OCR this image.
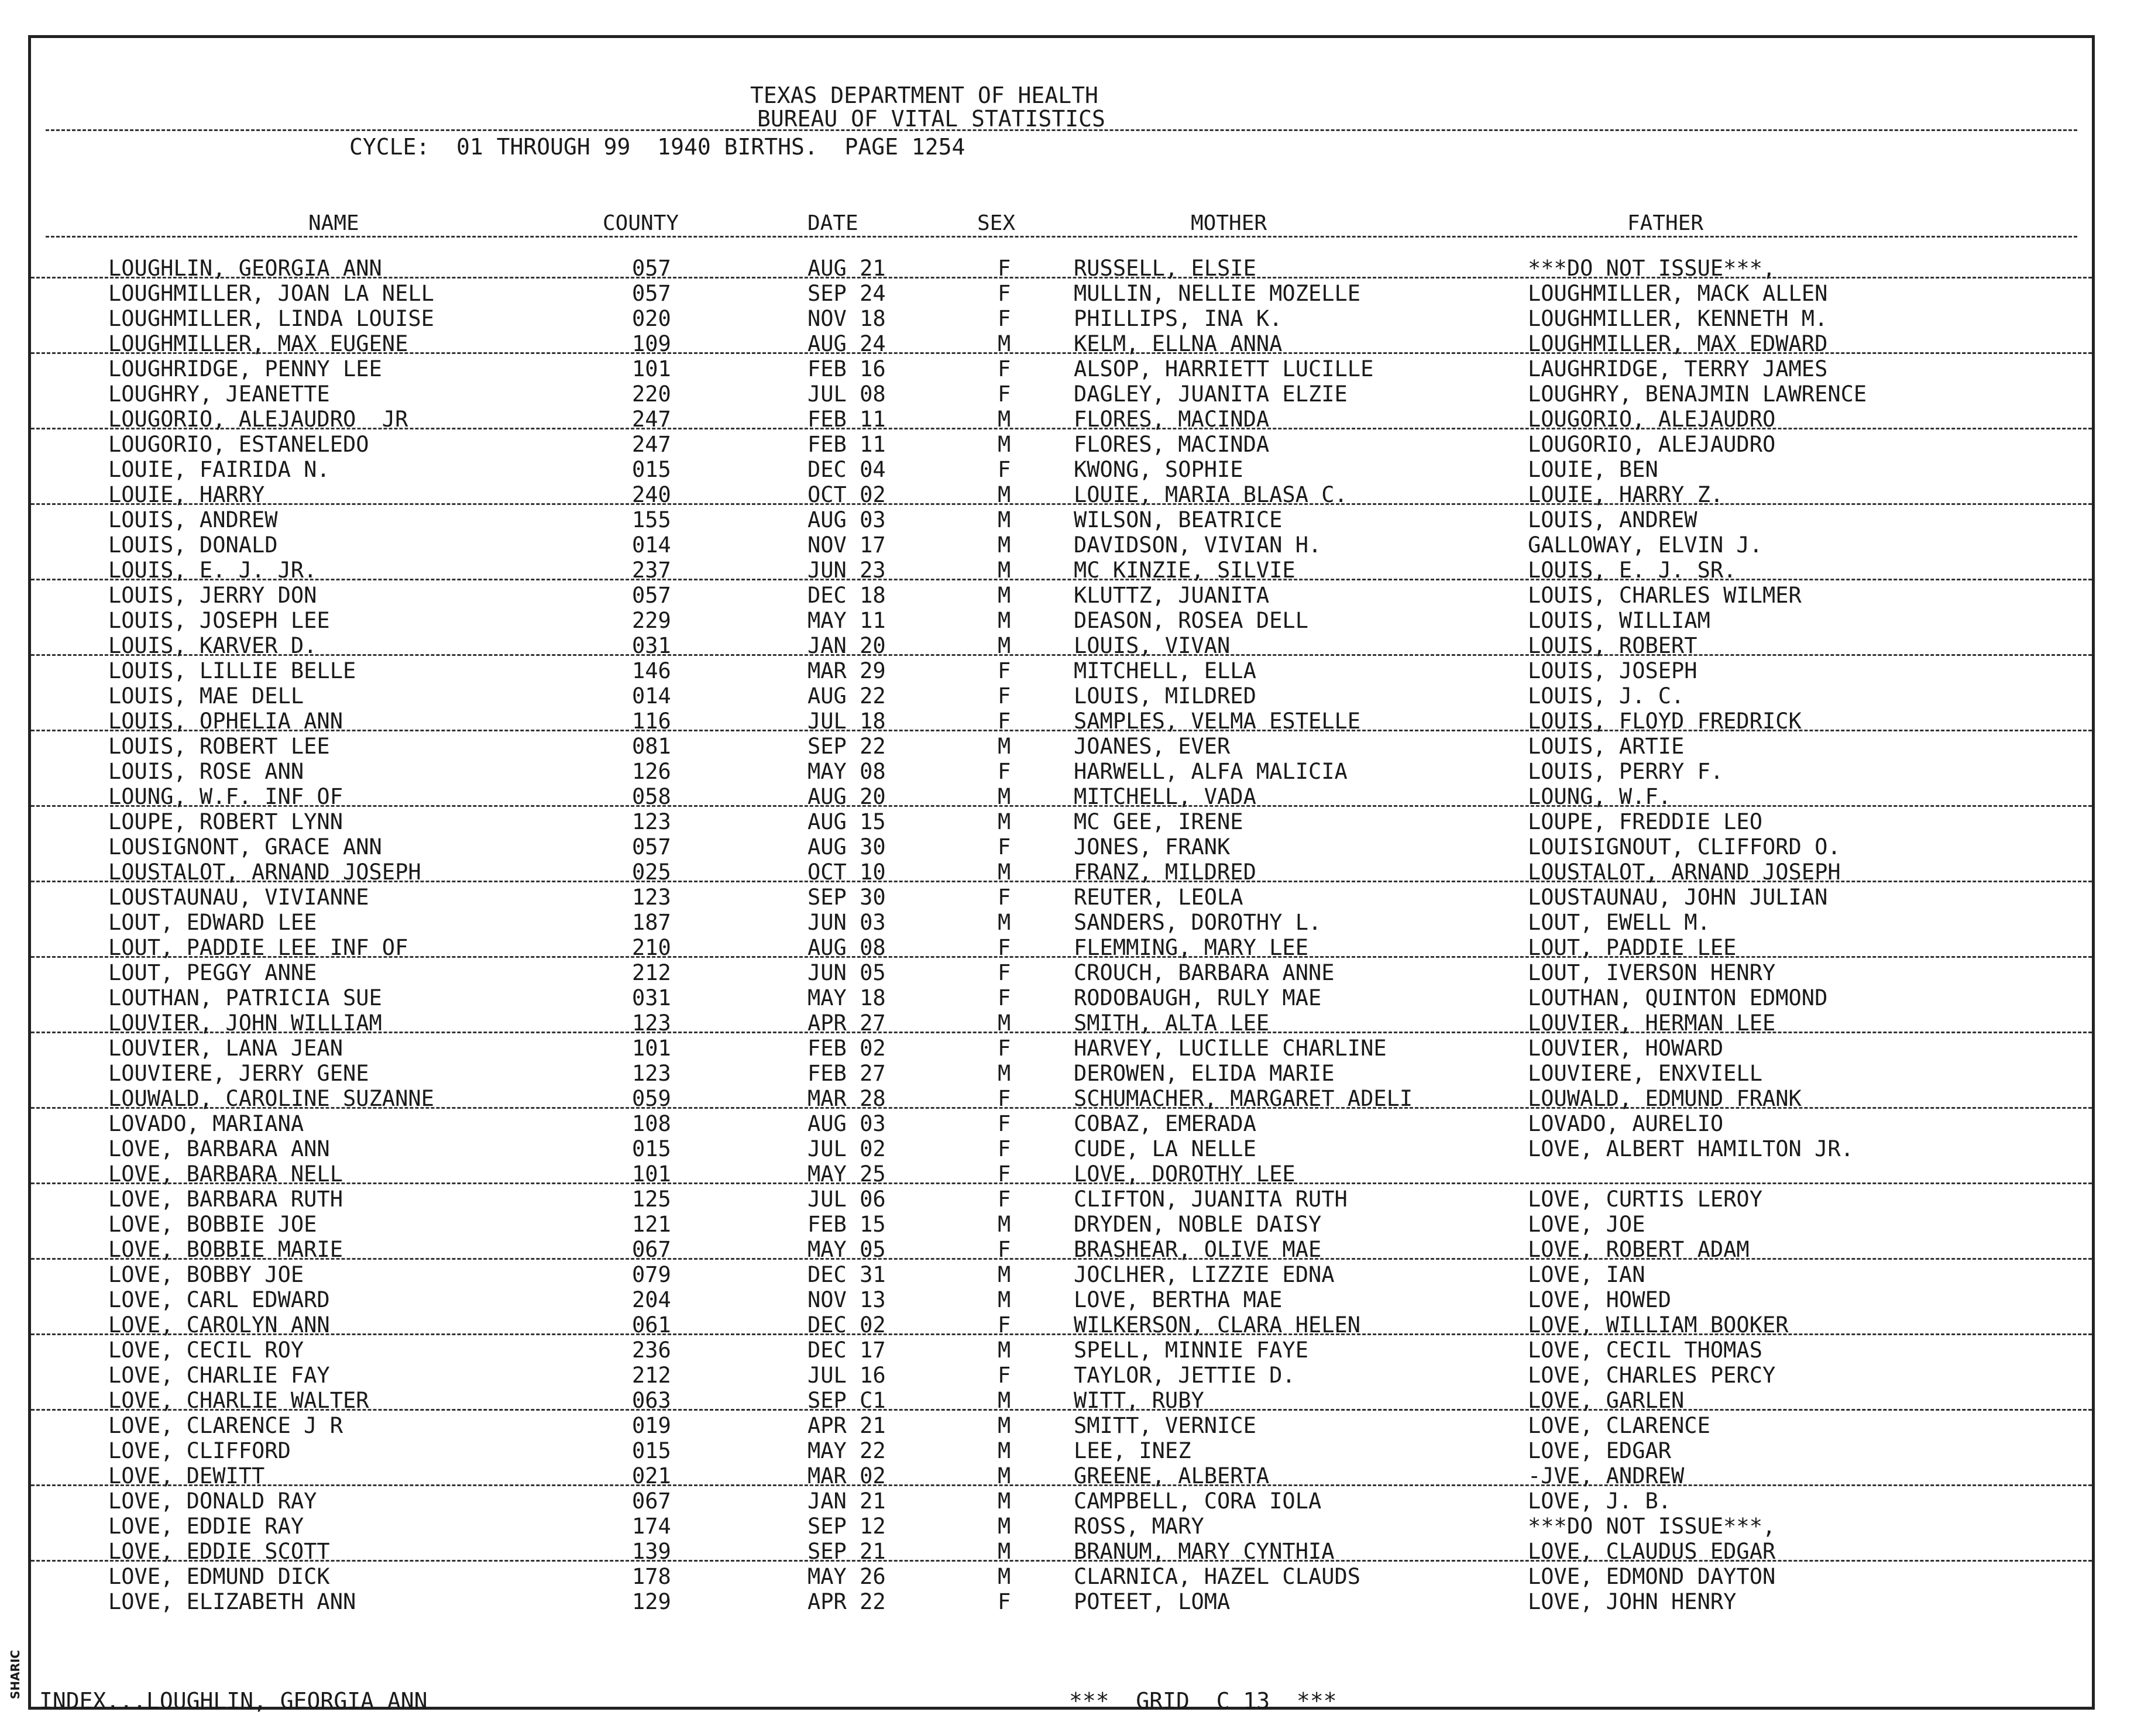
SHARIC
TEXAS DEPARTMENT OF HEALTH
BUREAU OF VITAL STATISTICS
CYCLE:  01 THROUGH 99  1940 BIRTHS.  PAGE 1254
NAME	COUNTY	DATE	SEX	MOTHER	FATHER
LOUGHLIN, GEORGIA ANN	057	AUG 21	F	RUSSELL, ELSIE	***DO NOT ISSUE***,
LOUGHMILLER, JOAN LA NELL	057	SEP 24	F	MULLIN, NELLIE MOZELLE	LOUGHMILLER, MACK ALLEN
LOUGHMILLER, LINDA LOUISE	020	NOV 18	F	PHILLIPS, INA K.	LOUGHMILLER, KENNETH M.
LOUGHMILLER, MAX EUGENE	109	AUG 24	M	KELM, ELLNA ANNA	LOUGHMILLER, MAX EDWARD
LOUGHRIDGE, PENNY LEE	101	FEB 16	F	ALSOP, HARRIETT LUCILLE	LAUGHRIDGE, TERRY JAMES
LOUGHRY, JEANETTE	220	JUL 08	F	DAGLEY, JUANITA ELZIE	LOUGHRY, BENAJMIN LAWRENCE
LOUGORIO, ALEJAUDRO  JR	247	FEB 11	M	FLORES, MACINDA	LOUGORIO, ALEJAUDRO
LOUGORIO, ESTANELEDO	247	FEB 11	M	FLORES, MACINDA	LOUGORIO, ALEJAUDRO
LOUIE, FAIRIDA N.	015	DEC 04	F	KWONG, SOPHIE	LOUIE, BEN
LOUIE, HARRY	240	OCT 02	M	LOUIE, MARIA BLASA C.	LOUIE, HARRY Z.
LOUIS, ANDREW	155	AUG 03	M	WILSON, BEATRICE	LOUIS, ANDREW
LOUIS, DONALD	014	NOV 17	M	DAVIDSON, VIVIAN H.	GALLOWAY, ELVIN J.
LOUIS, E. J. JR.	237	JUN 23	M	MC KINZIE, SILVIE	LOUIS, E. J. SR.
LOUIS, JERRY DON	057	DEC 18	M	KLUTTZ, JUANITA	LOUIS, CHARLES WILMER
LOUIS, JOSEPH LEE	229	MAY 11	M	DEASON, ROSEA DELL	LOUIS, WILLIAM
LOUIS, KARVER D.	031	JAN 20	M	LOUIS, VIVAN	LOUIS, ROBERT
LOUIS, LILLIE BELLE	146	MAR 29	F	MITCHELL, ELLA	LOUIS, JOSEPH
LOUIS, MAE DELL	014	AUG 22	F	LOUIS, MILDRED	LOUIS, J. C.
LOUIS, OPHELIA ANN	116	JUL 18	F	SAMPLES, VELMA ESTELLE	LOUIS, FLOYD FREDRICK
LOUIS, ROBERT LEE	081	SEP 22	M	JOANES, EVER	LOUIS, ARTIE
LOUIS, ROSE ANN	126	MAY 08	F	HARWELL, ALFA MALICIA	LOUIS, PERRY F.
LOUNG, W.F. INF OF	058	AUG 20	M	MITCHELL, VADA	LOUNG, W.F.
LOUPE, ROBERT LYNN	123	AUG 15	M	MC GEE, IRENE	LOUPE, FREDDIE LEO
LOUSIGNONT, GRACE ANN	057	AUG 30	F	JONES, FRANK	LOUISIGNOUT, CLIFFORD O.
LOUSTALOT, ARNAND JOSEPH	025	OCT 10	M	FRANZ, MILDRED	LOUSTALOT, ARNAND JOSEPH
LOUSTAUNAU, VIVIANNE	123	SEP 30	F	REUTER, LEOLA	LOUSTAUNAU, JOHN JULIAN
LOUT, EDWARD LEE	187	JUN 03	M	SANDERS, DOROTHY L.	LOUT, EWELL M.
LOUT, PADDIE LEE INF OF	210	AUG 08	F	FLEMMING, MARY LEE	LOUT, PADDIE LEE
LOUT, PEGGY ANNE	212	JUN 05	F	CROUCH, BARBARA ANNE	LOUT, IVERSON HENRY
LOUTHAN, PATRICIA SUE	031	MAY 18	F	RODOBAUGH, RULY MAE	LOUTHAN, QUINTON EDMOND
LOUVIER, JOHN WILLIAM	123	APR 27	M	SMITH, ALTA LEE	LOUVIER, HERMAN LEE
LOUVIER, LANA JEAN	101	FEB 02	F	HARVEY, LUCILLE CHARLINE	LOUVIER, HOWARD
LOUVIERE, JERRY GENE	123	FEB 27	M	DEROWEN, ELIDA MARIE	LOUVIERE, ENXVIELL
LOUWALD, CAROLINE SUZANNE	059	MAR 28	F	SCHUMACHER, MARGARET ADELI	LOUWALD, EDMUND FRANK
LOVADO, MARIANA	108	AUG 03	F	COBAZ, EMERADA	LOVADO, AURELIO
LOVE, BARBARA ANN	015	JUL 02	F	CUDE, LA NELLE	LOVE, ALBERT HAMILTON JR.
LOVE, BARBARA NELL	101	MAY 25	F	LOVE, DOROTHY LEE
LOVE, BARBARA RUTH	125	JUL 06	F	CLIFTON, JUANITA RUTH	LOVE, CURTIS LEROY
LOVE, BOBBIE JOE	121	FEB 15	M	DRYDEN, NOBLE DAISY	LOVE, JOE
LOVE, BOBBIE MARIE	067	MAY 05	F	BRASHEAR, OLIVE MAE	LOVE, ROBERT ADAM
LOVE, BOBBY JOE	079	DEC 31	M	JOCLHER, LIZZIE EDNA	LOVE, IAN
LOVE, CARL EDWARD	204	NOV 13	M	LOVE, BERTHA MAE	LOVE, HOWED
LOVE, CAROLYN ANN	061	DEC 02	F	WILKERSON, CLARA HELEN	LOVE, WILLIAM BOOKER
LOVE, CECIL ROY	236	DEC 17	M	SPELL, MINNIE FAYE	LOVE, CECIL THOMAS
LOVE, CHARLIE FAY	212	JUL 16	F	TAYLOR, JETTIE D.	LOVE, CHARLES PERCY
LOVE, CHARLIE WALTER	063	SEP C1	M	WITT, RUBY	LOVE, GARLEN
LOVE, CLARENCE J R	019	APR 21	M	SMITT, VERNICE	LOVE, CLARENCE
LOVE, CLIFFORD	015	MAY 22	M	LEE, INEZ	LOVE, EDGAR
LOVE, DEWITT	021	MAR 02	M	GREENE, ALBERTA	-JVE, ANDREW
LOVE, DONALD RAY	067	JAN 21	M	CAMPBELL, CORA IOLA	LOVE, J. B.
LOVE, EDDIE RAY	174	SEP 12	M	ROSS, MARY	***DO NOT ISSUE***,
LOVE, EDDIE SCOTT	139	SEP 21	M	BRANUM, MARY CYNTHIA	LOVE, CLAUDUS EDGAR
LOVE, EDMUND DICK	178	MAY 26	M	CLARNICA, HAZEL CLAUDS	LOVE, EDMOND DAYTON
LOVE, ELIZABETH ANN	129	APR 22	F	POTEET, LOMA	LOVE, JOHN HENRY
INDEX...LOUGHLIN, GEORGIA ANN	***  GRID  C 13  ***
